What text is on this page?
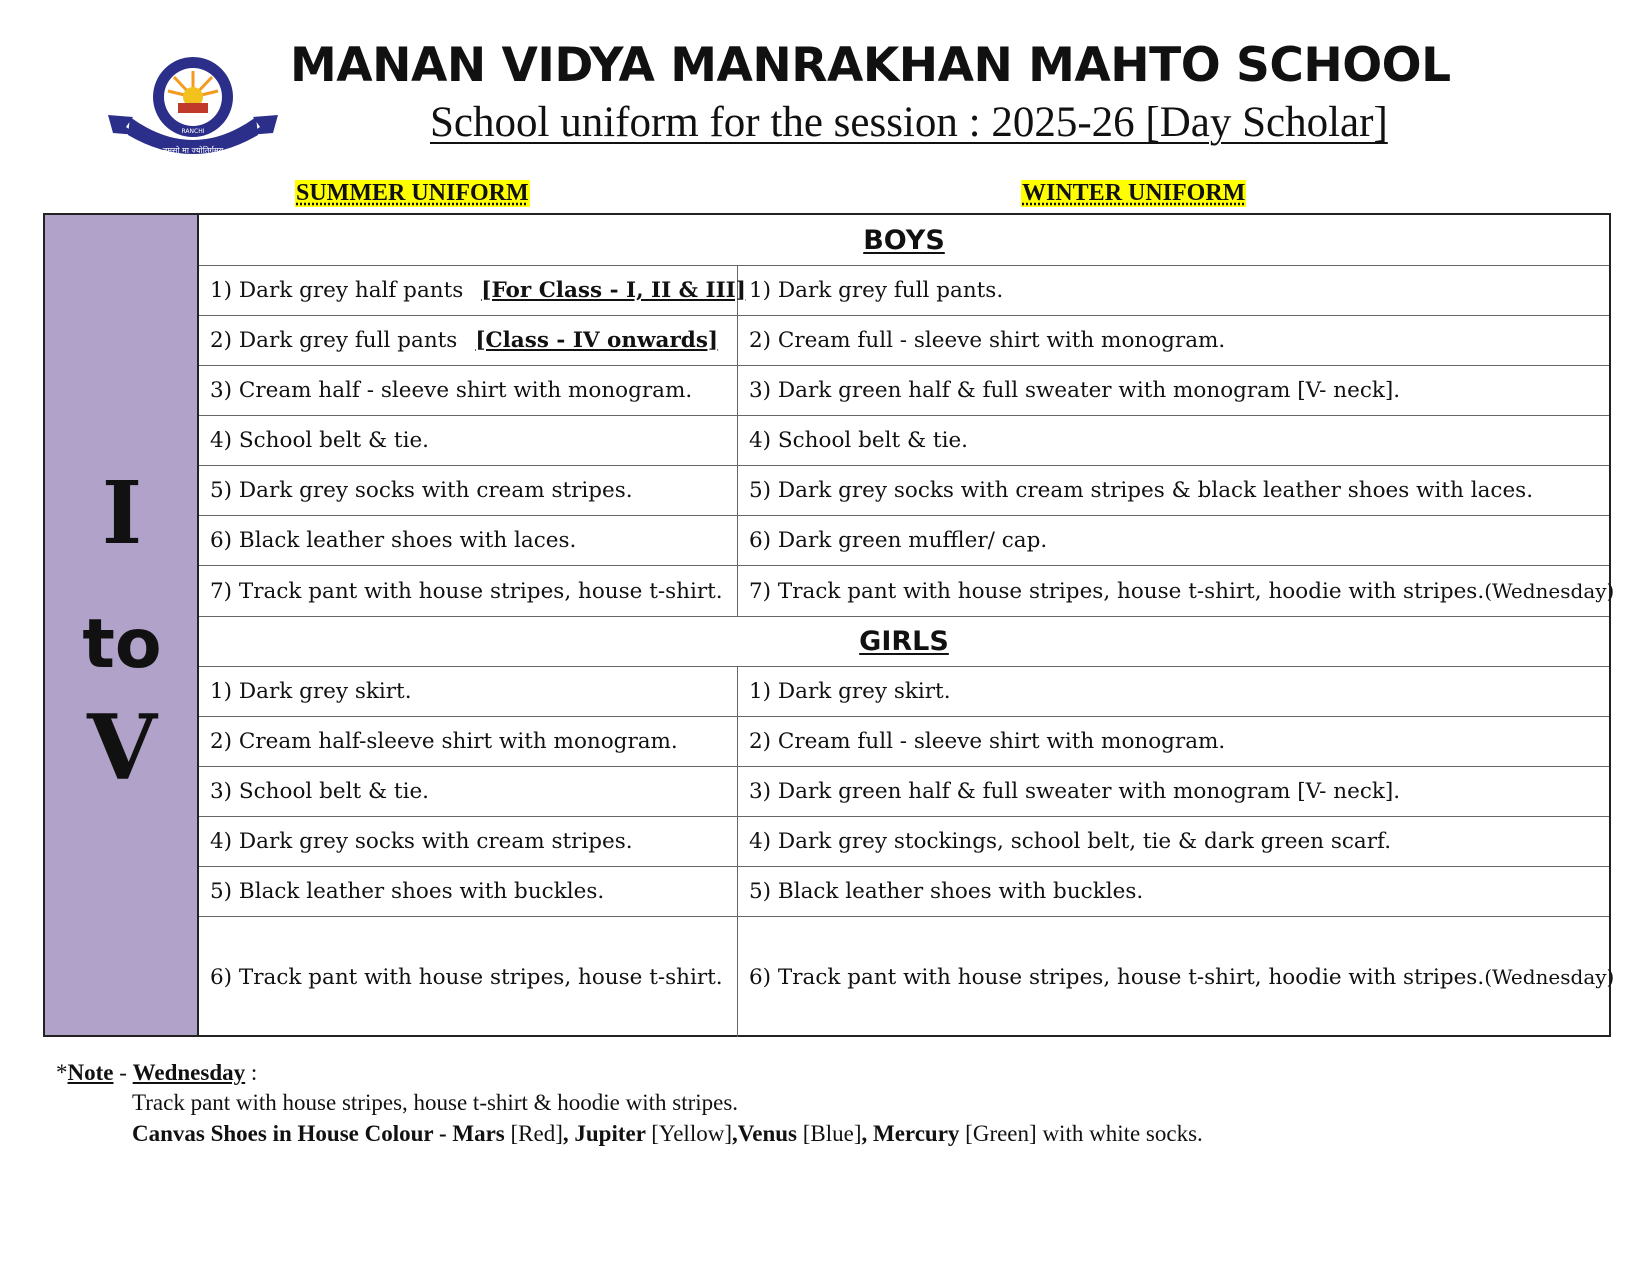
RANCHI
तमसो मा ज्योतिर्गमय
MANAN VIDYA MANRAKHAN MAHTO SCHOOL
School uniform for the session : 2025-26 [Day Scholar]
SUMMER UNIFORM	WINTER UNIFORM
I
to
V
BOYS
1) Dark grey half pants [For Class - I, II & III] 1) Dark grey full pants.
2) Dark grey full pants [Class - IV onwards]	2) Cream full - sleeve shirt with monogram.
3) Cream half - sleeve shirt with monogram.	3) Dark green half & full sweater with monogram [V- neck].
4) School belt & tie.	4) School belt & tie.
5) Dark grey socks with cream stripes.	5) Dark grey socks with cream stripes & black leather shoes with laces.
6) Black leather shoes with laces.	6) Dark green muffler/ cap.
7) Track pant with house stripes, house t-shirt.	7) Track pant with house stripes, house t-shirt, hoodie with stripes. (Wednesday)
GIRLS
1) Dark grey skirt.	1) Dark grey skirt.
2) Cream half-sleeve shirt with monogram.	2) Cream full - sleeve shirt with monogram.
3) School belt & tie.	3) Dark green half & full sweater with monogram [V- neck].
4) Dark grey socks with cream stripes.	4) Dark grey stockings, school belt, tie & dark green scarf.
5) Black leather shoes with buckles.	5) Black leather shoes with buckles.
6) Track pant with house stripes, house t-shirt.	6) Track pant with house stripes, house t-shirt, hoodie with stripes. (Wednesday)
*Note - Wednesday :
Track pant with house stripes, house t-shirt & hoodie with stripes.
Canvas Shoes in House Colour - Mars [Red], Jupiter [Yellow],Venus [Blue], Mercury [Green] with white socks.
